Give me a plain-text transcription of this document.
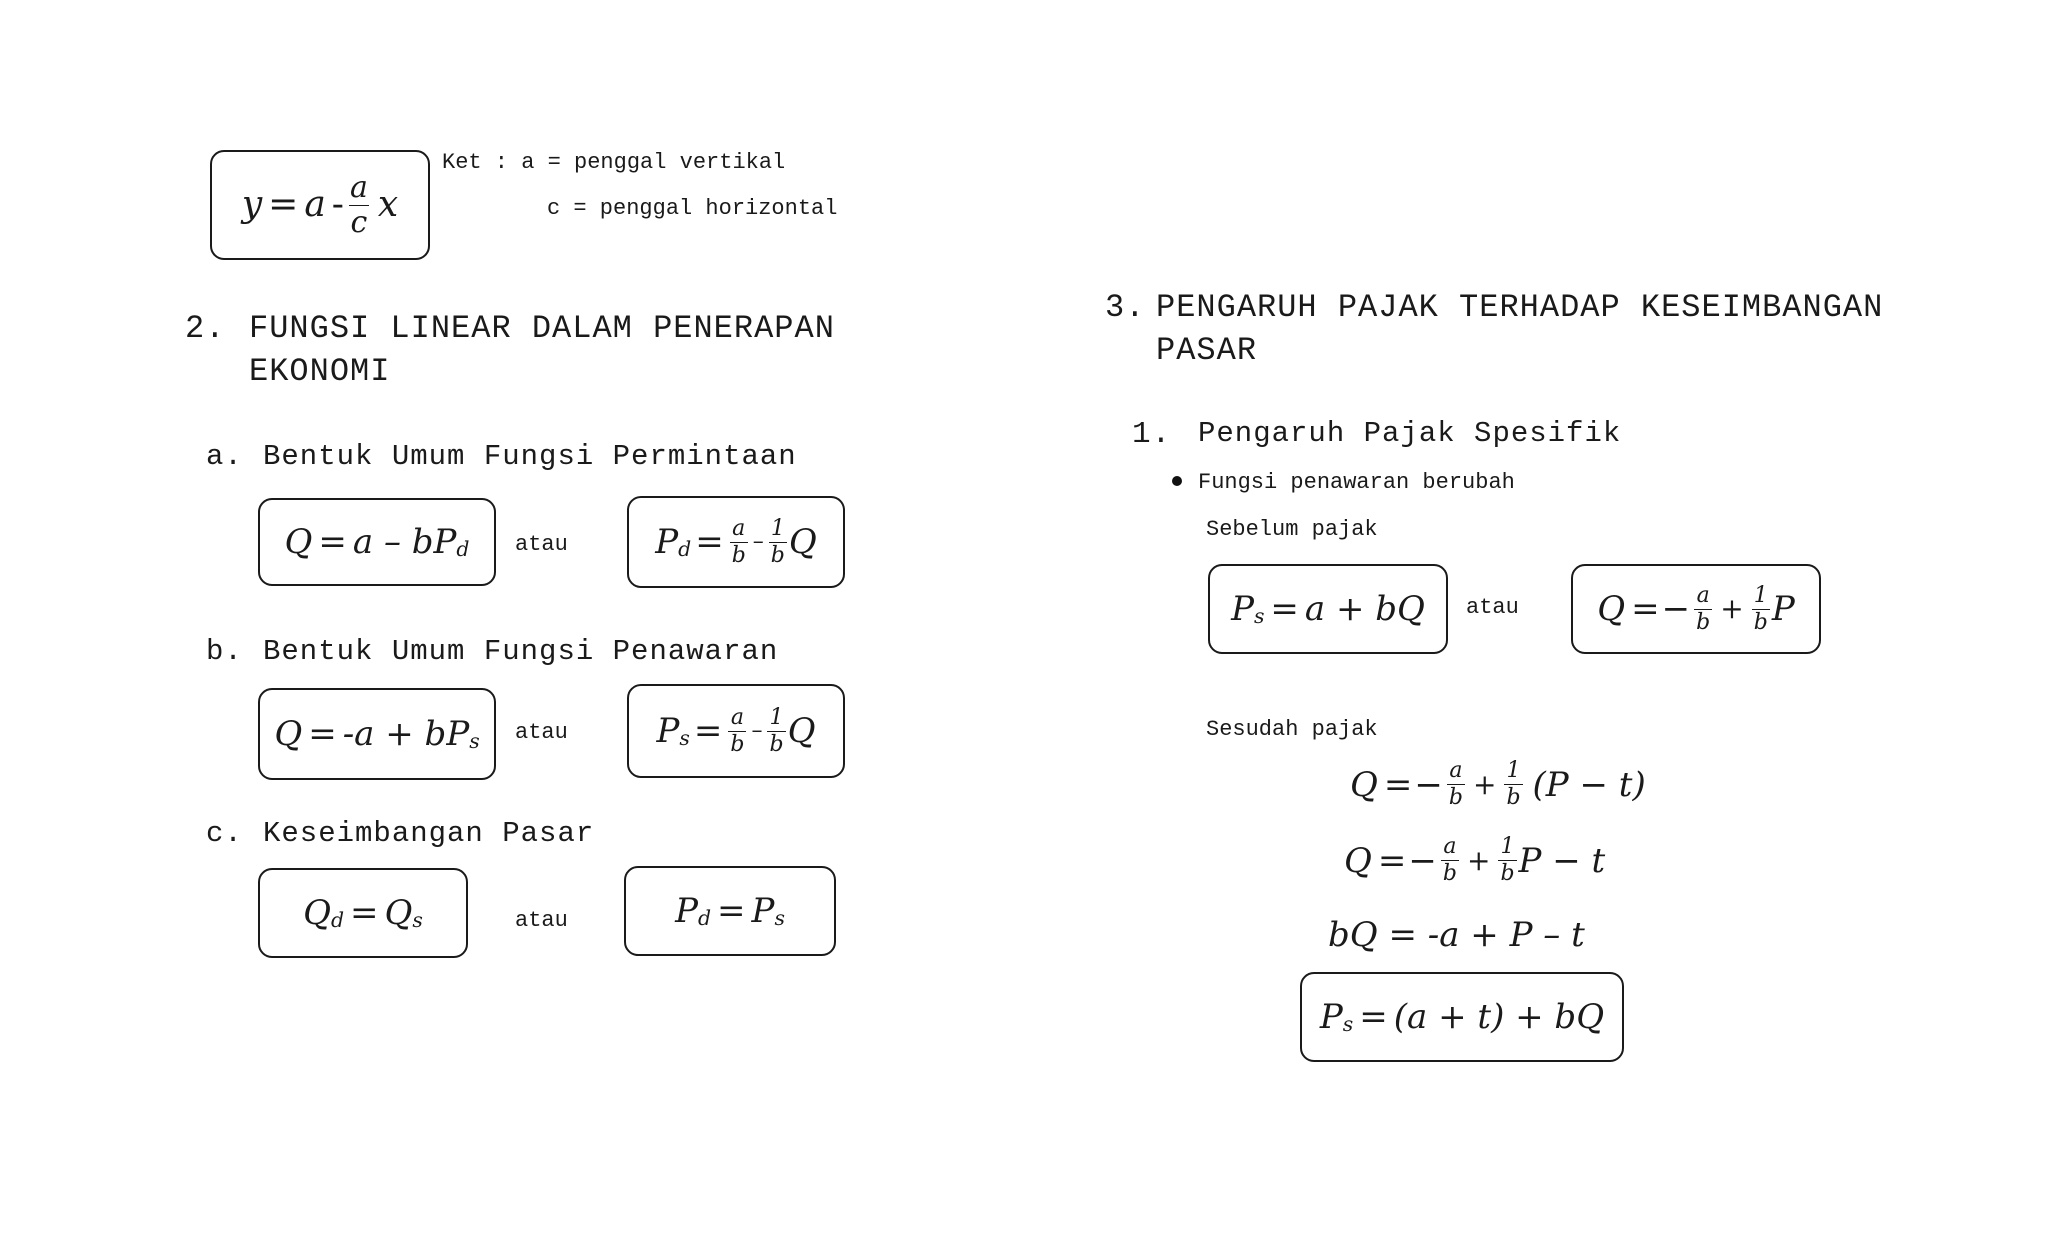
y = a - a
c x
Ket : a = penggal vertikal
c = penggal horizontal
2. FUNGSI LINEAR DALAM PENERAPAN
EKONOMI
a. Bentuk Umum Fungsi Permintaan
Q = a – bP d atau	P $d = \frac{a}{b}$ –
1
b Q
b. Bentuk Umum Fungsi Penawaran
Q = -a + bP s atau	P $s = \frac{a}{b}$ –
1
b Q
c. Keseimbangan Pasar
Q d = Q s	atau	P d = P s
3. PENGARUH PAJAK TERHADAP KESEIMBANGAN
PASAR
1. Pengaruh Pajak Spesifik
Fungsi penawaran berubah
Sebelum pajak
P s = a + bQ atau Q = − $\frac{a}{b} + \frac{1}{b}$ P
Sesudah pajak
Q = − $\frac{a}{b} + \frac{1}{b} (P - t)$
Q = − $\frac{a}{b} + \frac{1}{b}$ P − t
bQ = -a + P – t
P s = (a + t) + bQ
